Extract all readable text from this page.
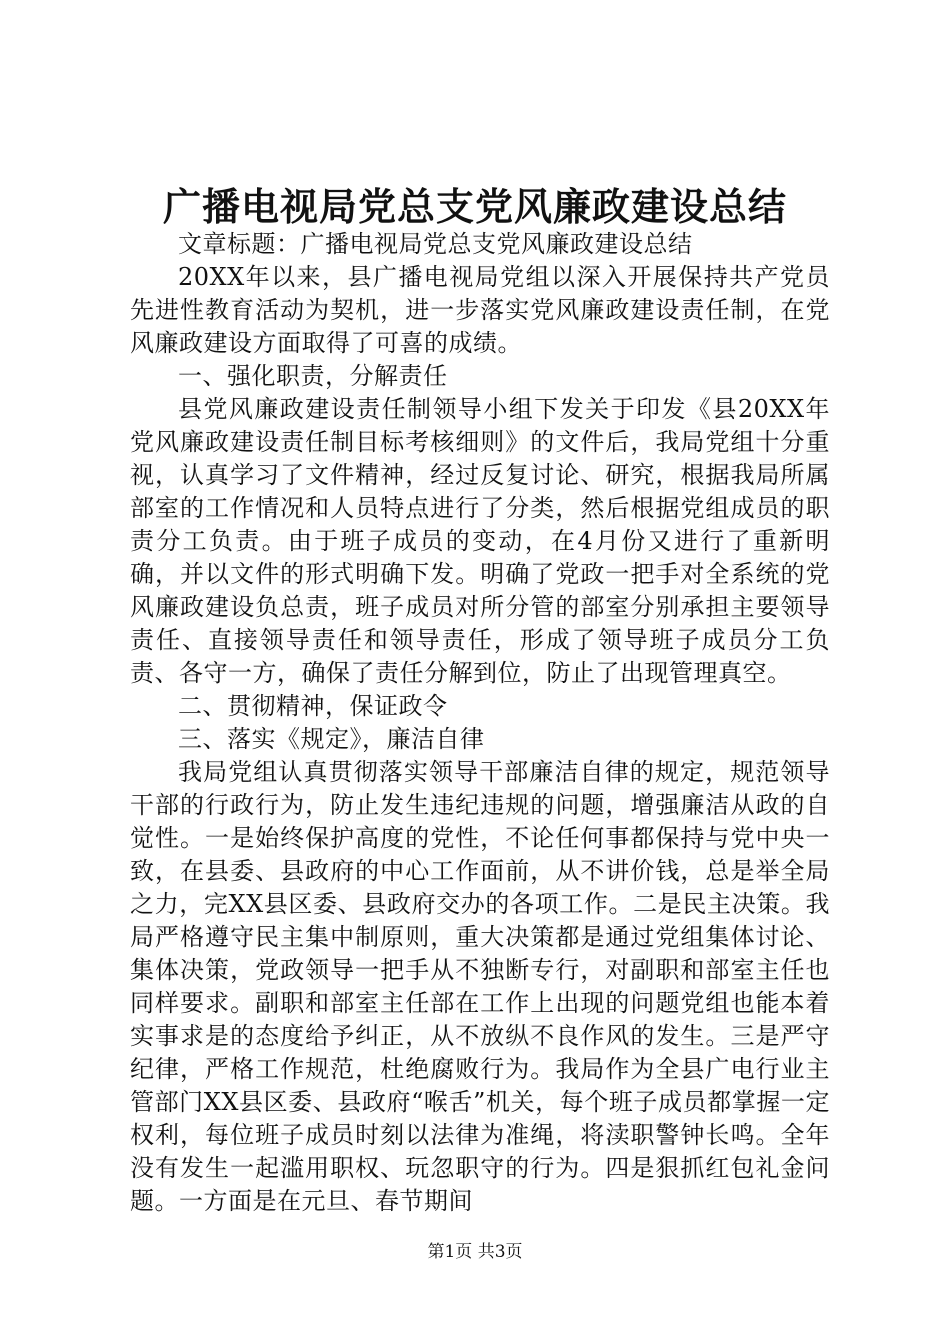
广播电视局党总支党风廉政建设总结

文章标题：广播电视局党总支党风廉政建设总结

20XX年以来，县广播电视局党组以深入开展保持共产党员先进性教育活动为契机，进一步落实党风廉政建设责任制，在党风廉政建设方面取得了可喜的成绩。

一、强化职责，分解责任

县党风廉政建设责任制领导小组下发关于印发《县20XX年党风廉政建设责任制目标考核细则》的文件后，我局党组十分重视，认真学习了文件精神，经过反复讨论、研究，根据我局所属部室的工作情况和人员特点进行了分类，然后根据党组成员的职责分工负责。由于班子成员的变动，在4月份又进行了重新明确，并以文件的形式明确下发。明确了党政一把手对全系统的党风廉政建设负总责，班子成员对所分管的部室分别承担主要领导责任、直接领导责任和领导责任，形成了领导班子成员分工负责、各守一方，确保了责任分解到位，防止了出现管理真空。

二、贯彻精神，保证政令

三、落实《规定》，廉洁自律

我局党组认真贯彻落实领导干部廉洁自律的规定，规范领导干部的行政行为，防止发生违纪违规的问题，增强廉洁从政的自觉性。一是始终保护高度的党性，不论任何事都保持与党中央一致，在县委、县政府的中心工作面前，从不讲价钱，总是举全局之力，完XX县区委、县政府交办的各项工作。二是民主决策。我局严格遵守民主集中制原则，重大决策都是通过党组集体讨论、集体决策，党政领导一把手从不独断专行，对副职和部室主任也同样要求。副职和部室主任部在工作上出现的问题党组也能本着实事求是的态度给予纠正，从不放纵不良作风的发生。三是严守纪律，严格工作规范，杜绝腐败行为。我局作为全县广电行业主管部门XX县区委、县政府“喉舌”机关，每个班子成员都掌握一定权利，每位班子成员时刻以法律为准绳，将渎职警钟长鸣。全年没有发生一起滥用职权、玩忽职守的行为。四是狠抓红包礼金问题。一方面是在元旦、春节期间

第1页 共3页
